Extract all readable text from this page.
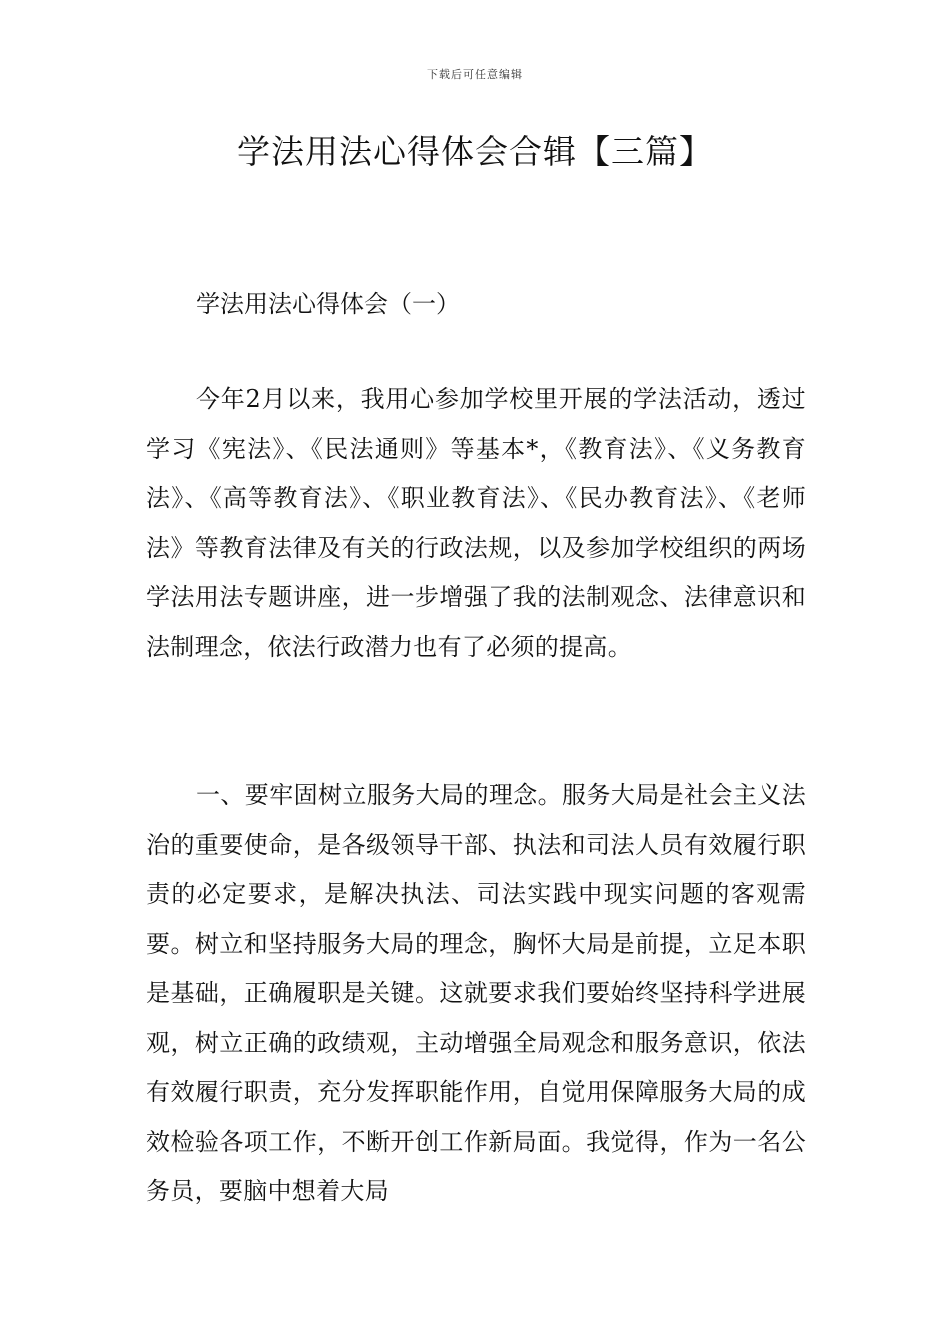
下载后可任意编辑
学法用法心得体会合辑【三篇】
学法用法心得体会（一）

今年2月以来，我用心参加学校里开展的学法活动，透过学习《宪法》、《民法通则》等基本*，《教育法》、《义务教育法》、《高等教育法》、《职业教育法》、《民办教育法》、《老师法》等教育法律及有关的行政法规，以及参加学校组织的两场学法用法专题讲座，进一步增强了我的法制观念、法律意识和法制理念，依法行政潜力也有了必须的提高。

一、要牢固树立服务大局的理念。服务大局是社会主义法治的重要使命，是各级领导干部、执法和司法人员有效履行职责的必定要求，是解决执法、司法实践中现实问题的客观需要。树立和坚持服务大局的理念，胸怀大局是前提，立足本职是基础，正确履职是关键。这就要求我们要始终坚持科学进展观，树立正确的政绩观，主动增强全局观念和服务意识，依法有效履行职责，充分发挥职能作用，自觉用保障服务大局的成效检验各项工作，不断开创工作新局面。我觉得，作为一名公务员，要脑中想着大局
